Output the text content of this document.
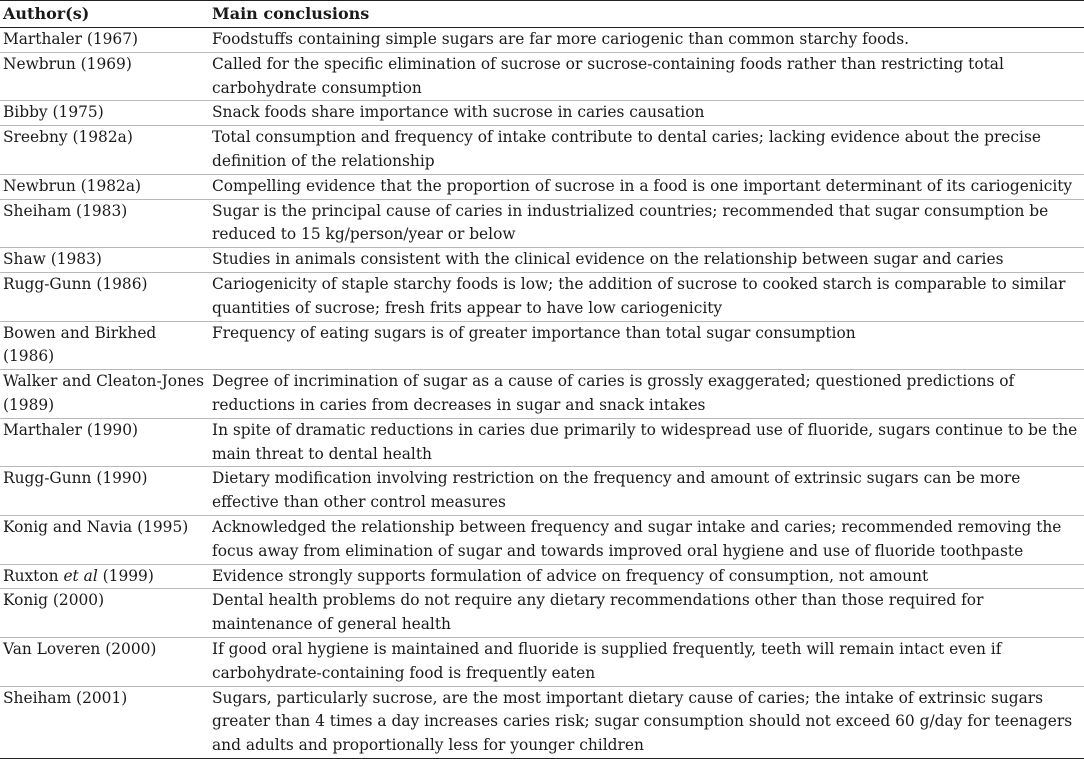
Author(s)	Main conclusions
Marthaler (1967)	Foodstuffs containing simple sugars are far more cariogenic than common starchy foods.
Newbrun (1969)	Called for the specific elimination of sucrose or sucrose-containing foods rather than restricting total carbohydrate consumption
Bibby (1975)	Snack foods share importance with sucrose in caries causation
Sreebny (1982a)	Total consumption and frequency of intake contribute to dental caries; lacking evidence about the precise definition of the relationship
Newbrun (1982a)	Compelling evidence that the proportion of sucrose in a food is one important determinant of its cariogenicity
Sheiham (1983)	Sugar is the principal cause of caries in industrialized countries; recommended that sugar consumption be reduced to 15 kg/person/year or below
Shaw (1983)	Studies in animals consistent with the clinical evidence on the relationship between sugar and caries
Rugg-Gunn (1986)	Cariogenicity of staple starchy foods is low; the addition of sucrose to cooked starch is comparable to similar quantities of sucrose; fresh frits appear to have low cariogenicity
Bowen and Birkhed (1986)	Frequency of eating sugars is of greater importance than total sugar consumption
Walker and Cleaton-Jones (1989)	Degree of incrimination of sugar as a cause of caries is grossly exaggerated; questioned predictions of reductions in caries from decreases in sugar and snack intakes
Marthaler (1990)	In spite of dramatic reductions in caries due primarily to widespread use of fluoride, sugars continue to be the main threat to dental health
Rugg-Gunn (1990)	Dietary modification involving restriction on the frequency and amount of extrinsic sugars can be more effective than other control measures
Konig and Navia (1995)	Acknowledged the relationship between frequency and sugar intake and caries; recommended removing the focus away from elimination of sugar and towards improved oral hygiene and use of fluoride toothpaste
Ruxton et al (1999)	Evidence strongly supports formulation of advice on frequency of consumption, not amount
Konig (2000)	Dental health problems do not require any dietary recommendations other than those required for maintenance of general health
Van Loveren (2000)	If good oral hygiene is maintained and fluoride is supplied frequently, teeth will remain intact even if carbohydrate-containing food is frequently eaten
Sheiham (2001)	Sugars, particularly sucrose, are the most important dietary cause of caries; the intake of extrinsic sugars greater than 4 times a day increases caries risk; sugar consumption should not exceed 60 g/day for teenagers and adults and proportionally less for younger children
